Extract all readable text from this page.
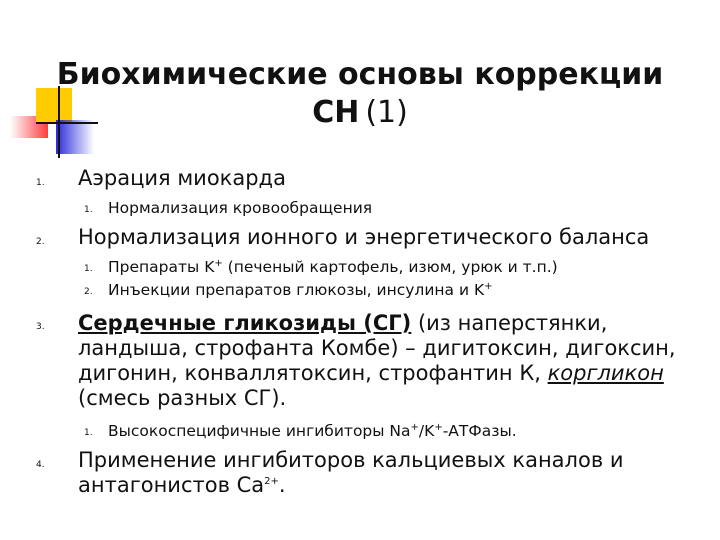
Биохимические основы коррекции
СН (1)
1. Аэрация миокарда
1. Нормализация кровообращения
2. Нормализация ионного и энергетического баланса
1. Препараты K+ (печеный картофель, изюм, урюк и т.п.)
2. Инъекции препаратов глюкозы, инсулина и K+
3. Сердечные гликозиды (СГ) (из наперстянки,
ландыша, строфанта Комбе) – дигитоксин, дигоксин,
дигонин, конваллятоксин, строфантин К, коргликон
(смесь разных СГ).
1. Высокоспецифичные ингибиторы Na+/K+-АТФазы.
4. Применение ингибиторов кальциевых каналов и
антагонистов $Са^{2+}$.
